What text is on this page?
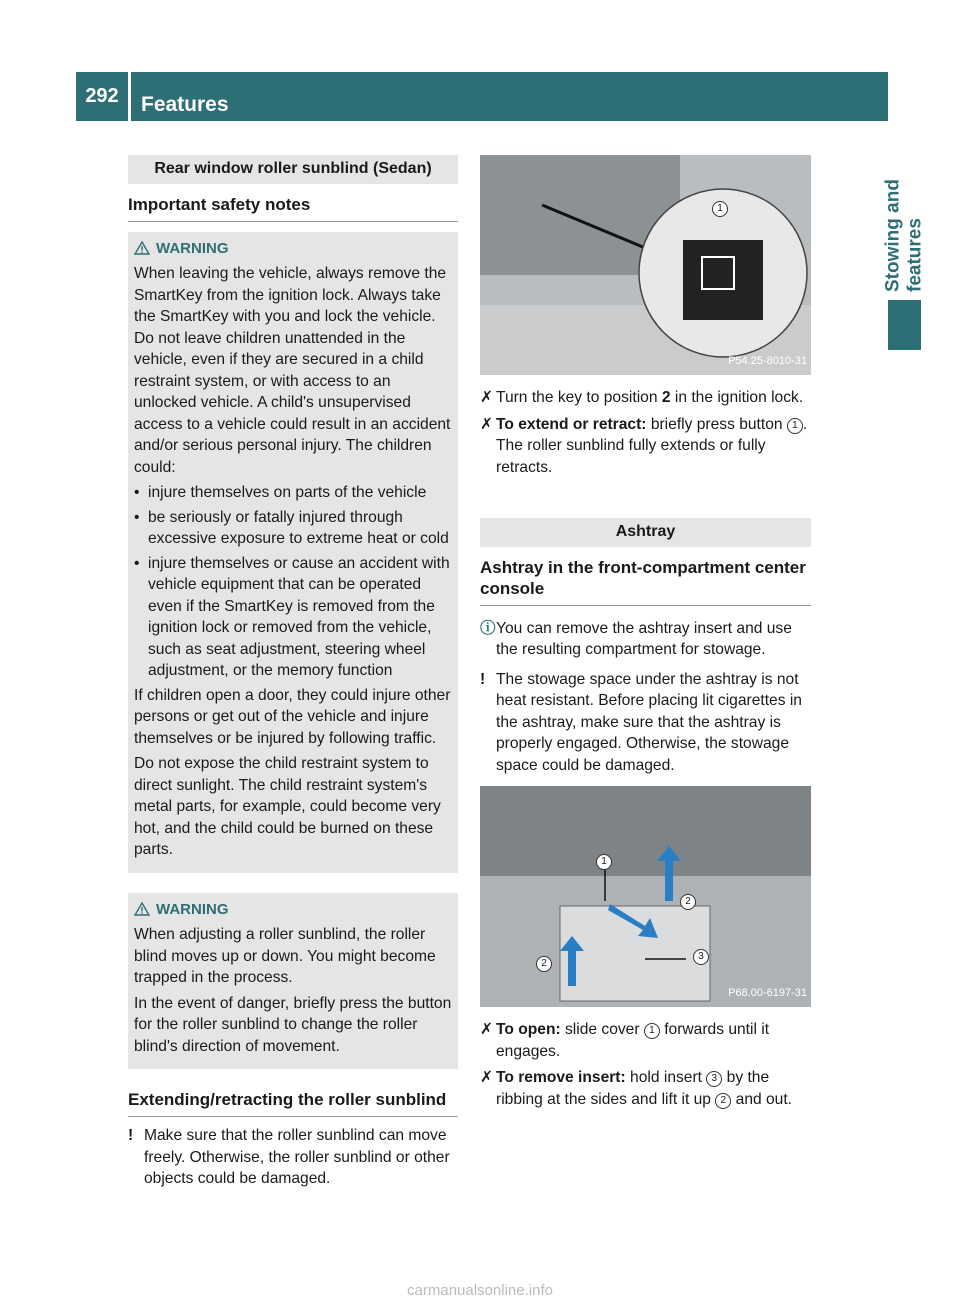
292	Features
Stowing and features
Rear window roller sunblind (Sedan)
Important safety notes
WARNING

When leaving the vehicle, always remove the SmartKey from the ignition lock. Always take the SmartKey with you and lock the vehicle. Do not leave children unattended in the vehicle, even if they are secured in a child restraint system, or with access to an unlocked vehicle. A child's unsupervised access to a vehicle could result in an accident and/or serious personal injury. The children could:

• injure themselves on parts of the vehicle
• be seriously or fatally injured through excessive exposure to extreme heat or cold
• injure themselves or cause an accident with vehicle equipment that can be operated even if the SmartKey is removed from the ignition lock or removed from the vehicle, such as seat adjustment, steering wheel adjustment, or the memory function

If children open a door, they could injure other persons or get out of the vehicle and injure themselves or be injured by following traffic.

Do not expose the child restraint system to direct sunlight. The child restraint system's metal parts, for example, could become very hot, and the child could be burned on these parts.

WARNING

When adjusting a roller sunblind, the roller blind moves up or down. You might become trapped in the process.

In the event of danger, briefly press the button for the roller sunblind to change the roller blind's direction of movement.

Extending/retracting the roller sunblind
! Make sure that the roller sunblind can move freely. Otherwise, the roller sunblind or other objects could be damaged.
1
P54.25-8010-31
✗ Turn the key to position 2 in the ignition lock.
✗ To extend or retract: briefly press button 1 .
The roller sunblind fully extends or fully retracts.
Ashtray
Ashtray in the front-compartment center console
ⓘ You can remove the ashtray insert and use the resulting compartment for stowage.
! The stowage space under the ashtray is not heat resistant. Before placing lit cigarettes in the ashtray, make sure that the ashtray is properly engaged. Otherwise, the stowage space could be damaged.
1
2
2
3
P68.00-6197-31
✗ To open: slide cover 1 forwards until it engages.
✗ To remove insert: hold insert 3 by the ribbing at the sides and lift it up 2 and out.
carmanualsonline.info
